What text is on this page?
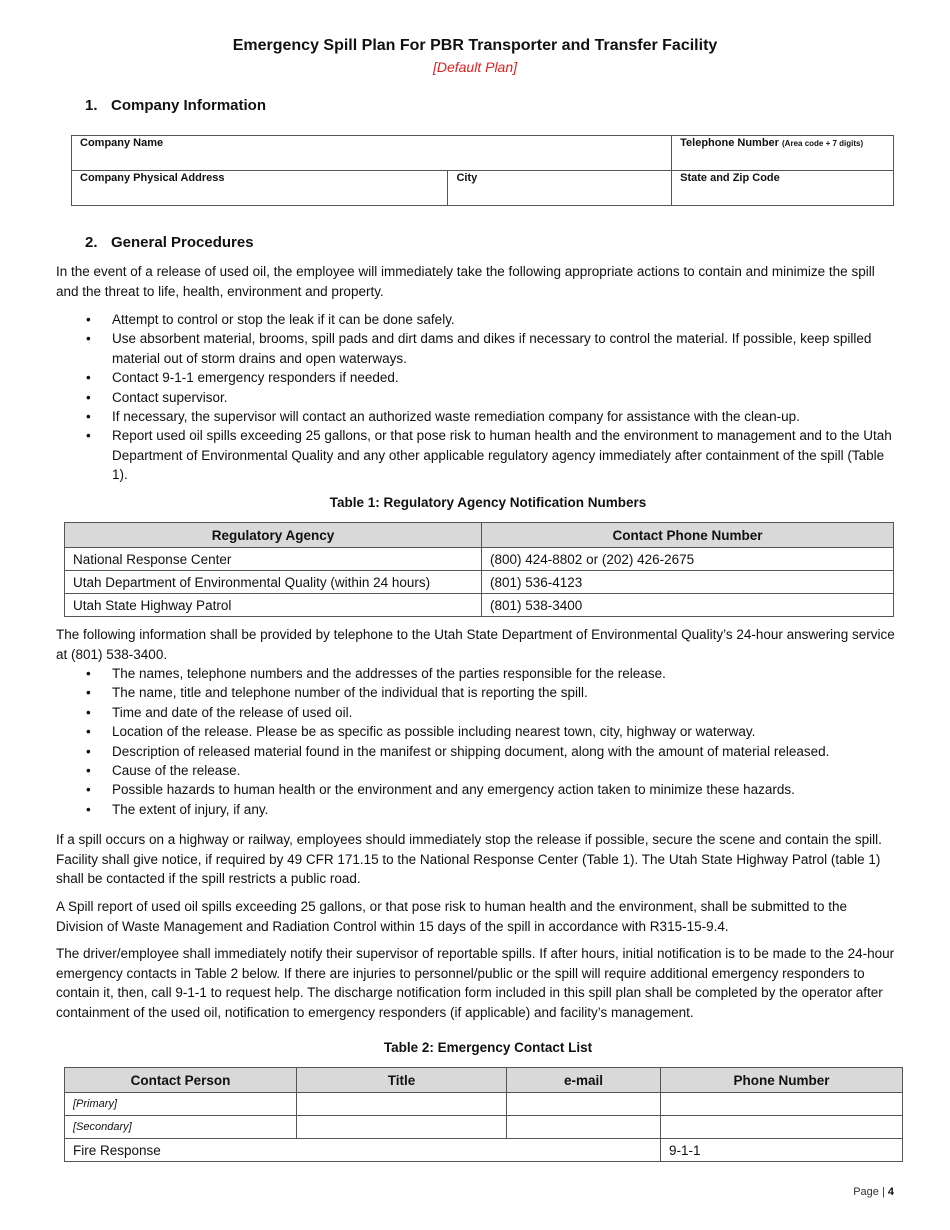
Emergency Spill Plan For PBR Transporter and Transfer Facility
[Default Plan]
1. Company Information
Company Name		Telephone Number (Area code + 7 digits)
Company Physical Address	City	State and Zip Code
2. General Procedures

In the event of a release of used oil, the employee will immediately take the following appropriate actions to contain and minimize the spill and the threat to life, health, environment and property.

• Attempt to control or stop the leak if it can be done safely.
• Use absorbent material, brooms, spill pads and dirt dams and dikes if necessary to control the material. If possible, keep spilled material out of storm drains and open waterways.
• Contact 9-1-1 emergency responders if needed.
• Contact supervisor.
• If necessary, the supervisor will contact an authorized waste remediation company for assistance with the clean-up.
• Report used oil spills exceeding 25 gallons, or that pose risk to human health and the environment to management and to the Utah Department of Environmental Quality and any other applicable regulatory agency immediately after containment of the spill (Table 1).
Table 1: Regulatory Agency Notification Numbers
Regulatory Agency	Contact Phone Number
National Response Center	(800) 424-8802 or (202) 426-2675
Utah Department of Environmental Quality (within 24 hours)	(801) 536-4123
Utah State Highway Patrol	(801) 538-3400

The following information shall be provided by telephone to the Utah State Department of Environmental Quality’s 24-hour answering service at (801) 538-3400.

• The names, telephone numbers and the addresses of the parties responsible for the release.
• The name, title and telephone number of the individual that is reporting the spill.
• Time and date of the release of used oil.
• Location of the release. Please be as specific as possible including nearest town, city, highway or waterway.
• Description of released material found in the manifest or shipping document, along with the amount of material released.
• Cause of the release.
• Possible hazards to human health or the environment and any emergency action taken to minimize these hazards.
• The extent of injury, if any.

If a spill occurs on a highway or railway, employees should immediately stop the release if possible, secure the scene and contain the spill. Facility shall give notice, if required by 49 CFR 171.15 to the National Response Center (Table 1). The Utah State Highway Patrol (table 1) shall be contacted if the spill restricts a public road.

A Spill report of used oil spills exceeding 25 gallons, or that pose risk to human health and the environment, shall be submitted to the Division of Waste Management and Radiation Control within 15 days of the spill in accordance with R315-15-9.4.

The driver/employee shall immediately notify their supervisor of reportable spills. If after hours, initial notification is to be made to the 24-hour emergency contacts in Table 2 below. If there are injuries to personnel/public or the spill will require additional emergency responders to contain it, then, call 9-1-1 to request help. The discharge notification form included in this spill plan shall be completed by the operator after containment of the used oil, notification to emergency responders (if applicable) and facility’s management.

Table 2: Emergency Contact List
Contact Person	Title	e-mail	Phone Number
[Primary]			
[Secondary]			
Fire Response			9-1-1
Page | 4
